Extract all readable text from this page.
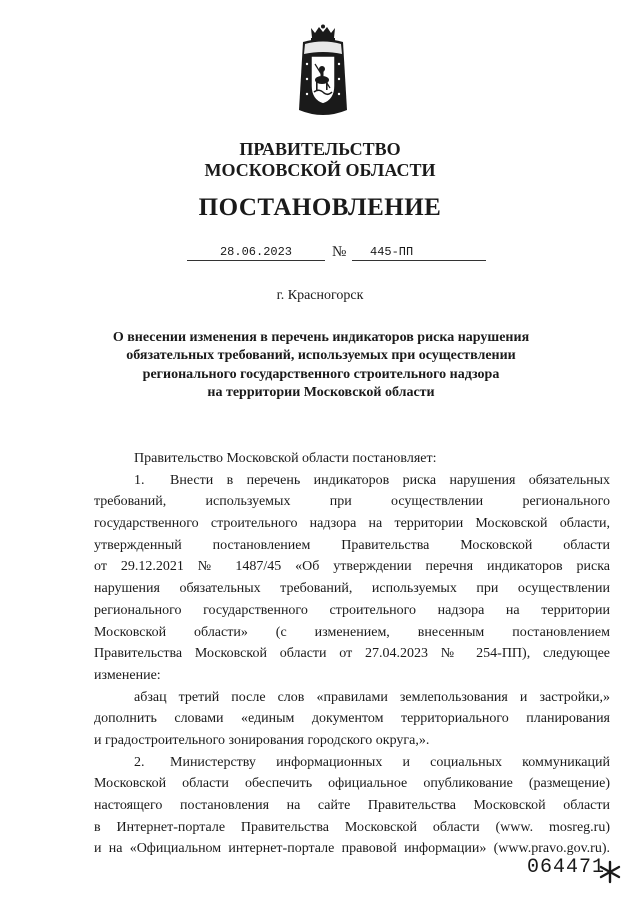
ПРАВИТЕЛЬСТВО
МОСКОВСКОЙ ОБЛАСТИ
ПОСТАНОВЛЕНИЕ
28.06.2023	№	445-ПП
г. Красногорск
О внесении изменения в перечень индикаторов риска нарушения
обязательных требований, используемых при осуществлении
регионального государственного строительного надзора
на территории Московской области
Правительство Московской области постановляет:
1. Внести в перечень индикаторов риска нарушения обязательных
требований, используемых при осуществлении регионального
государственного строительного надзора на территории Московской области,
утвержденный постановлением Правительства Московской области
от 29.12.2021 № 1487/45 «Об утверждении перечня индикаторов риска
нарушения обязательных требований, используемых при осуществлении
регионального государственного строительного надзора на территории
Московской области» (с изменением, внесенным постановлением
Правительства Московской области от 27.04.2023 № 254-ПП), следующее
изменение:
абзац третий после слов «правилами землепользования и застройки,»
дополнить словами «единым документом территориального планирования
и градостроительного зонирования городского округа,».
2. Министерству информационных и социальных коммуникаций
Московской области обеспечить официальное опубликование (размещение)
настоящего постановления на сайте Правительства Московской области
в Интернет-портале Правительства Московской области (www. mosreg.ru)
и на «Официальном интернет-портале правовой информации» (www.pravo.gov.ru).
064471
